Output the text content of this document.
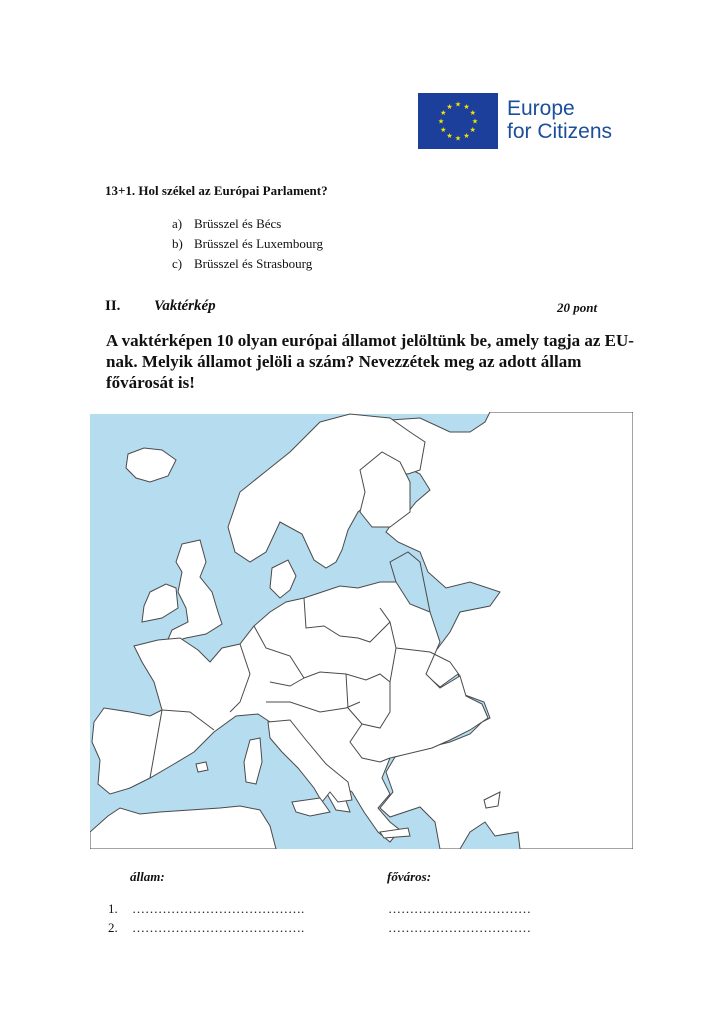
★ ★
★
★
★
★
★
★
★
★
★
★	Europe
for Citizens
13+1. Hol székel az Európai Parlament?
a) Brüsszel és Bécs
b) Brüsszel és Luxembourg
c) Brüsszel és Strasbourg
II. Vaktérkép	20 pont
A vaktérképen 10 olyan európai államot jelöltünk be, amely tagja az EU-nak. Melyik államot jelöli a szám? Nevezzétek meg az adott állam fővárosát is!
állam:	főváros:
1. ………………………………….	……………………………
2. ………………………………….	……………………………
